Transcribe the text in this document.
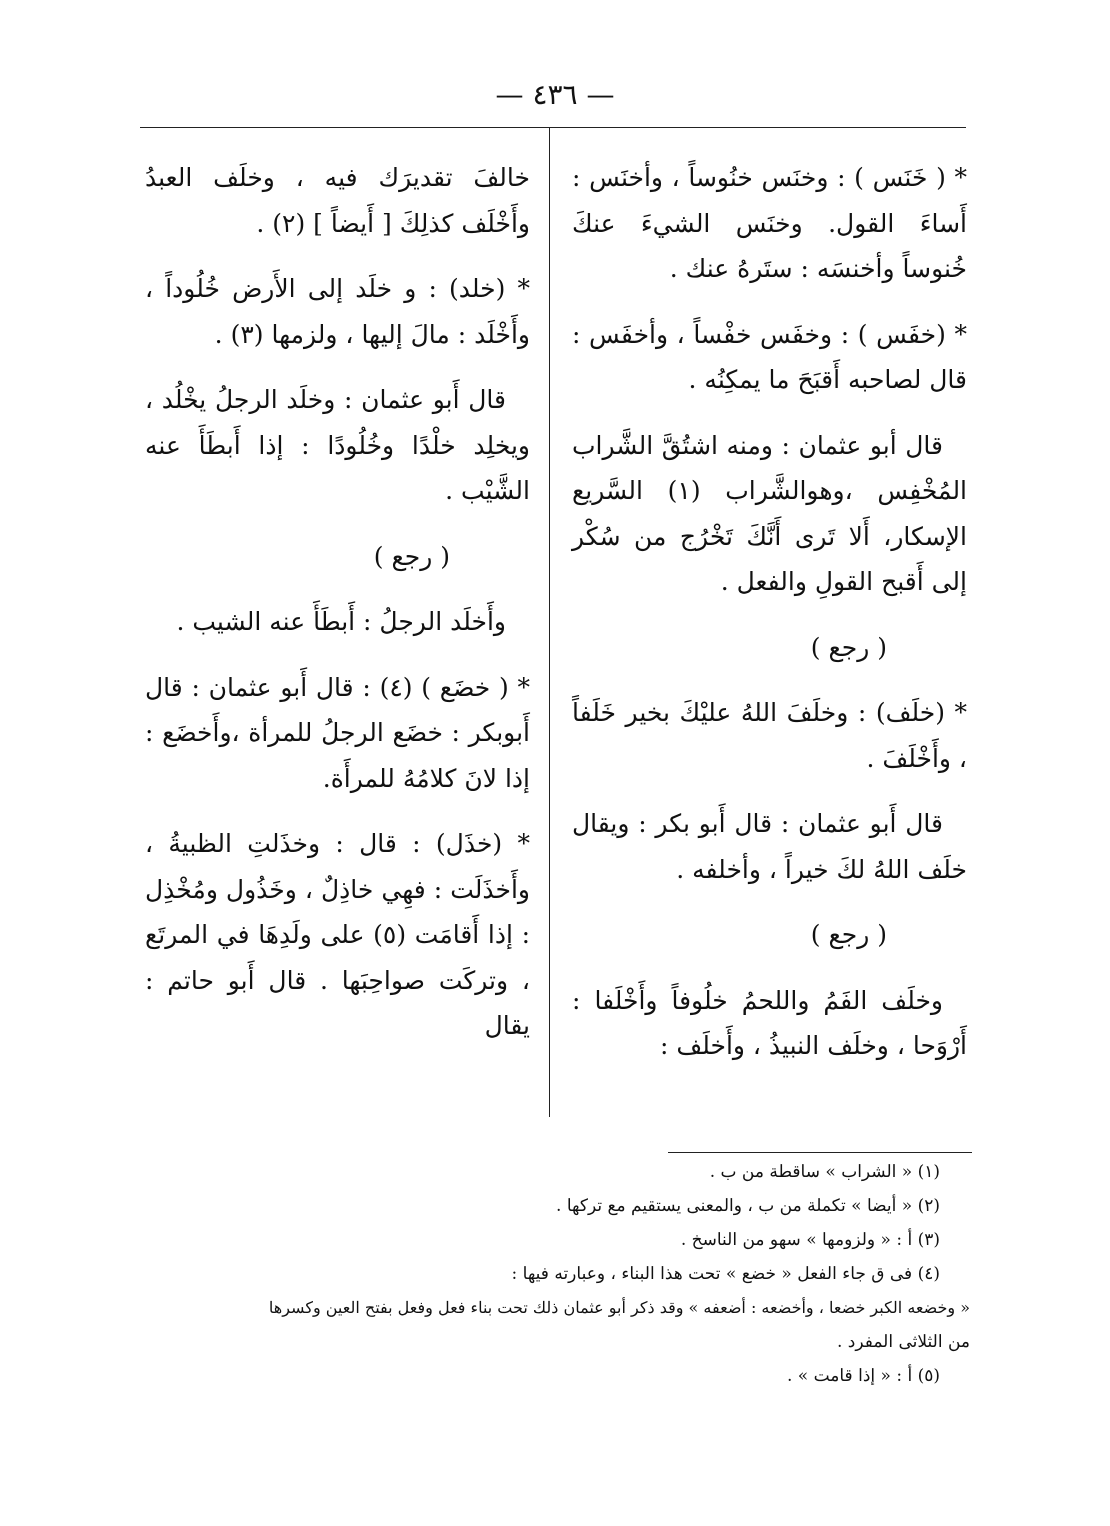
— ٤٣٦ —

* ( خَنَس ) : وخنَس خنُوساً ، وأخنَس : أَساءَ القول. وخنَس الشيءَ عنكَ خُنوساً وأخنسَه : ستَرهُ عنك .

* (خفَس ) : وخفَس خفْساً ، وأخفَس : قال لصاحبه أَقبَحَ ما يمكِنُه .

قال أبو عثمان : ومنه اشتُقَّ الشَّراب المُخْفِس ،وهوالشَّراب (١) السَّريع الإسكار، أَلا تَرى أَنَّكَ تَخْرُج من سُكْر إلى أَقبح القولِ والفعل .

( رجع )

* (خلَف) : وخلَفَ اللهُ عليْكَ بخير خَلَفاً ، وأَخْلَفَ .

قال أَبو عثمان : قال أَبو بكر : ويقال خلَف اللهُ لكَ خيراً ، وأخلفه .

( رجع )

وخلَف الفَمُ واللحمُ خلُوفاً وأَخْلَفا : أَرْوَحا ، وخلَف النبيذُ ، وأَخلَف :

خالفَ تقديرَك فيه ، وخلَف العبدُ وأَخْلَف كذلِكَ [ أَيضاً ] (٢) .

* (خلد) : و خلَد إلى الأَرض خُلُوداً ، وأَخْلَد : مالَ إليها ، ولزمها (٣) .

قال أَبو عثمان : وخلَد الرجلُ يخْلُد ، ويخلِد خلْدًا وخُلُودًا : إذا أَبطَأَ عنه الشَّيْب .

( رجع )

وأَخلَد الرجلُ : أَبطَأَ عنه الشيب .

* ( خضَع ) (٤) : قال أَبو عثمان : قال أَبوبكر : خضَع الرجلُ للمرأة ،وأَخضَع : إذا لانَ كلامُهُ للمرأَة.

* (خذَل) : قال : وخذَلتِ الظبيةُ ، وأَخذَلَت : فهِي خاذِلٌ ، وخَذُول ومُخْذِل : إذا أَقامَت (٥) على ولَدِهَا في المرتَع ، وتركَت صواحِبَها . قال أَبو حاتم : يقال

(١) « الشراب » ساقطة من ب .

(٢) « أيضا » تكملة من ب ، والمعنى يستقيم مع تركها .

(٣) أ : « ولزومها » سهو من الناسخ .

(٤) فى ق جاء الفعل « خضع » تحت هذا البناء ، وعبارته فيها :

« وخضعه الكبر خضعا ، وأخضعه : أضعفه » وقد ذكر أبو عثمان ذلك تحت بناء فعل وفعل بفتح العين وكسرها

من الثلاثى المفرد .

(٥) أ : « إذا قامت » .
